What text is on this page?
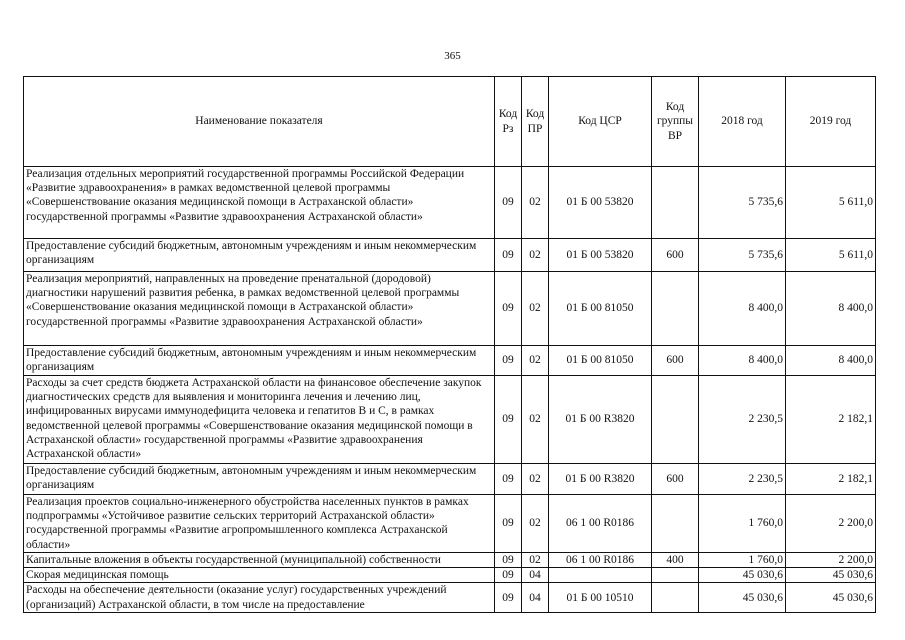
365
Наименование показателя	Код Рз	Код ПР	Код ЦСР	Код группы ВР	2018 год	2019 год
Реализация отдельных мероприятий государственной программы Российской Федерации «Развитие здравоохранения» в рамках ведомственной целевой программы «Совершенствование оказания медицинской помощи в Астраханской области» государственной программы «Развитие здравоохранения Астраханской области»	09	02	01 Б 00 53820		5 735,6	5 611,0
Предоставление субсидий бюджетным, автономным учреждениям и иным некоммерческим организациям	09	02	01 Б 00 53820	600	5 735,6	5 611,0
Реализация мероприятий, направленных на проведение пренатальной (дородовой) диагностики нарушений развития ребенка, в рамках ведомственной целевой программы «Совершенствование оказания медицинской помощи в Астраханской области» государственной программы «Развитие здравоохранения Астраханской области»	09	02	01 Б 00 81050		8 400,0	8 400,0
Предоставление субсидий бюджетным, автономным учреждениям и иным некоммерческим организациям	09	02	01 Б 00 81050	600	8 400,0	8 400,0
Расходы за счет средств бюджета Астраханской области на финансовое обеспечение закупок диагностических средств для выявления и мониторинга лечения и лечению лиц, инфицированных вирусами иммунодефицита человека и гепатитов В и С, в рамках ведомственной целевой программы «Совершенствование оказания медицинской помощи в Астраханской области» государственной программы «Развитие здравоохранения Астраханской области»	09	02	01 Б 00 R3820		2 230,5	2 182,1
Предоставление субсидий бюджетным, автономным учреждениям и иным некоммерческим организациям	09	02	01 Б 00 R3820	600	2 230,5	2 182,1
Реализация проектов социально-инженерного обустройства населенных пунктов в рамках подпрограммы «Устойчивое развитие сельских территорий Астраханской области» государственной программы «Развитие агропромышленного комплекса Астраханской области»	09	02	06 1 00 R0186		1 760,0	2 200,0
Капитальные вложения в объекты государственной (муниципальной) собственности	09	02	06 1 00 R0186	400	1 760,0	2 200,0
Скорая медицинская помощь	09	04			45 030,6	45 030,6
Расходы на обеспечение деятельности (оказание услуг) государственных учреждений (организаций) Астраханской области, в том числе на предоставление	09	04	01 Б 00 10510		45 030,6	45 030,6
